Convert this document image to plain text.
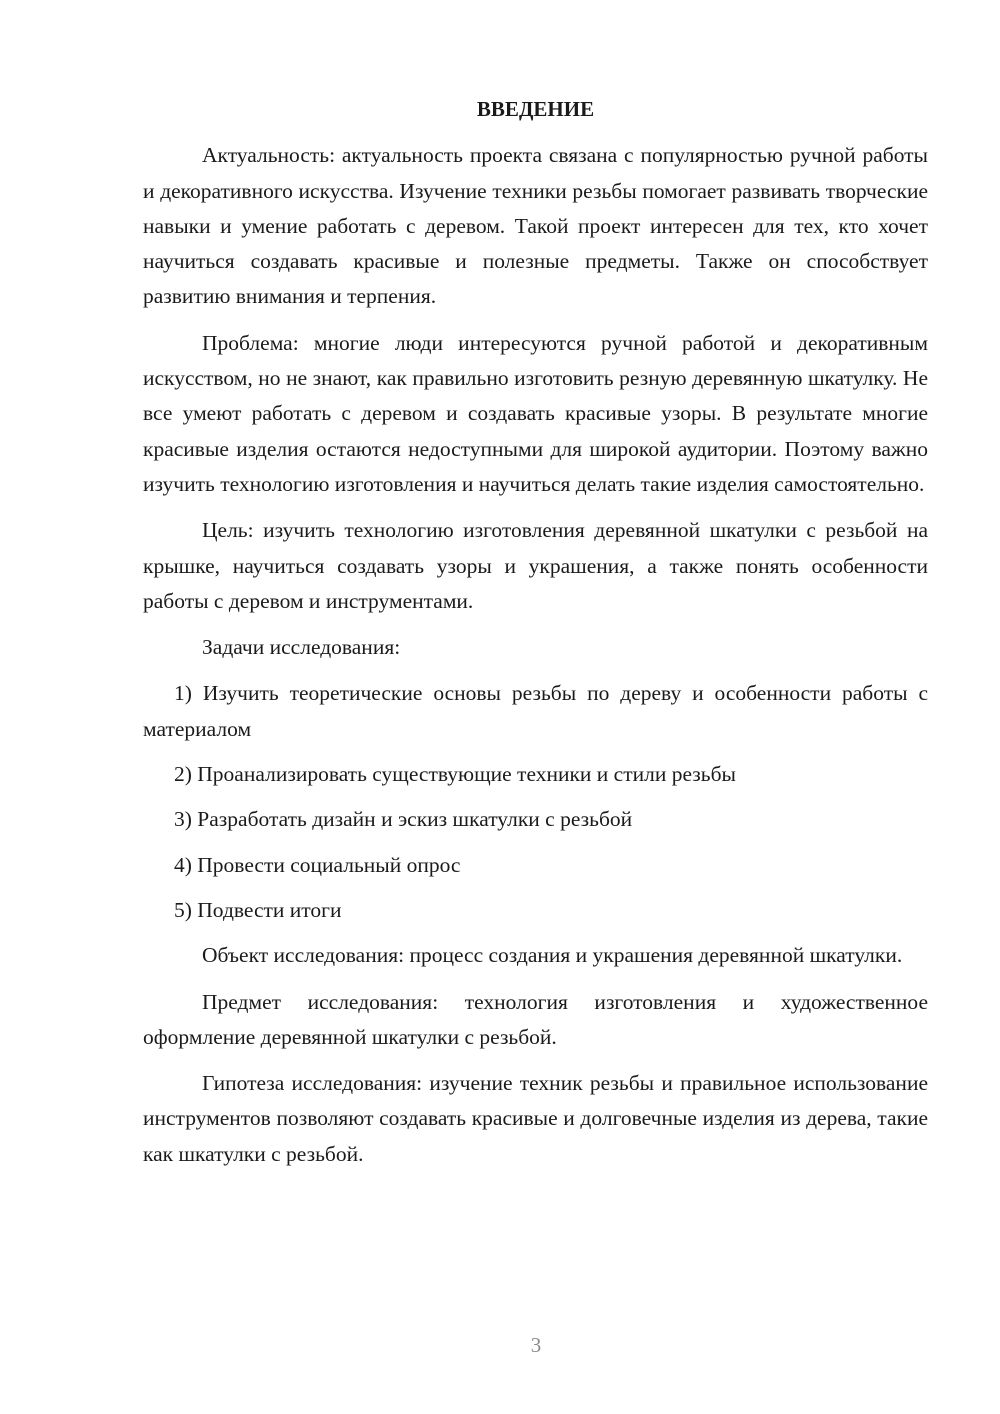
ВВЕДЕНИЕ

Актуальность: актуальность проекта связана с популярностью ручной работы и декоративного искусства. Изучение техники резьбы помогает развивать творческие навыки и умение работать с деревом. Такой проект интересен для тех, кто хочет научиться создавать красивые и полезные предметы. Также он способствует развитию внимания и терпения.

Проблема: многие люди интересуются ручной работой и декоративным искусством, но не знают, как правильно изготовить резную деревянную шкатулку. Не все умеют работать с деревом и создавать красивые узоры. В результате многие красивые изделия остаются недоступными для широкой аудитории. Поэтому важно изучить технологию изготовления и научиться делать такие изделия самостоятельно.

Цель: изучить технологию изготовления деревянной шкатулки с резьбой на крышке, научиться создавать узоры и украшения, а также понять особенности работы с деревом и инструментами.

Задачи исследования:

1) Изучить теоретические основы резьбы по дереву и особенности работы с материалом

2) Проанализировать существующие техники и стили резьбы

3) Разработать дизайн и эскиз шкатулки с резьбой

4) Провести социальный опрос

5) Подвести итоги

Объект исследования: процесс создания и украшения деревянной шкатулки.

Предмет исследования: технология изготовления и художественное оформление деревянной шкатулки с резьбой.

Гипотеза исследования: изучение техник резьбы и правильное использование инструментов позволяют создавать красивые и долговечные изделия из дерева, такие как шкатулки с резьбой.

3
